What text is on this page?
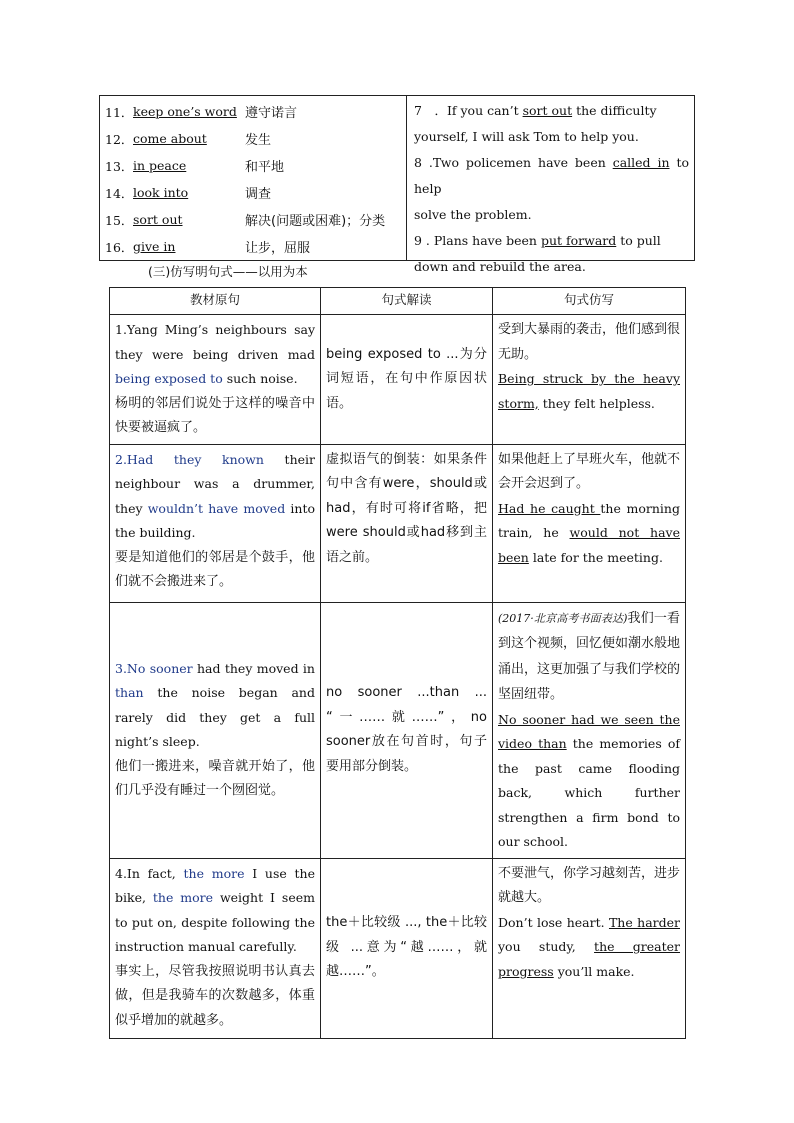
11． keep one’s word 遵守诺言
12． come about	发生
13． in peace	和平地
14． look into	调查
15． sort out	解决(问题或困难)；分类
16． give in	让步，屈服
7　．If you can’t sort out the difficulty
yourself, I will ask Tom to help you.
8 .Two policemen have been called in to help
solve the problem.
9 . Plans have been put forward to pull
down and rebuild the area.
(三)仿写明句式——以用为本
教材原句	句式解读	句式仿写
1.Yang Ming’s neighbours say they were being driven mad being exposed to such noise.
杨明的邻居们说处于这样的噪音中快要被逼疯了。	being exposed to ...为分词短语，在句中作原因状语。	受到大暴雨的袭击，他们感到很无助。
Being struck by the heavy storm, they felt helpless.
2.Had they known their neighbour was a drummer, they wouldn’t have moved into the building.
要是知道他们的邻居是个鼓手，他们就不会搬进来了。	虚拟语气的倒装：如果条件句中含有were，should或had，有时可将if省略，把were should或had移到主语之前。	如果他赶上了早班火车，他就不会开会迟到了。
Had he caught the morning train, he would not have been late for the meeting.
3.No sooner had they moved in than the noise began and rarely did they get a full night’s sleep.
他们一搬进来，噪音就开始了，他们几乎没有睡过一个囫囵觉。	no sooner ...than ... “一……就……”，no sooner放在句首时，句子要用部分倒装。	(2017·北京高考书面表达)我们一看到这个视频，回忆便如潮水般地涌出，这更加强了与我们学校的坚固纽带。
No sooner had we seen the video than the memories of the past came flooding back, which further strengthen a firm bond to our school.

4.In fact, the more I use the bike, the more weight I seem to put on, despite following the instruction manual carefully.
事实上，尽管我按照说明书认真去做，但是我骑车的次数越多，体重似乎增加的就越多。	the＋比较级 ..., the＋比较级 ...意为“越……，就越……”。	不要泄气，你学习越刻苦，进步就越大。
Don’t lose heart. The harder you study, the greater progress you’ll make.
